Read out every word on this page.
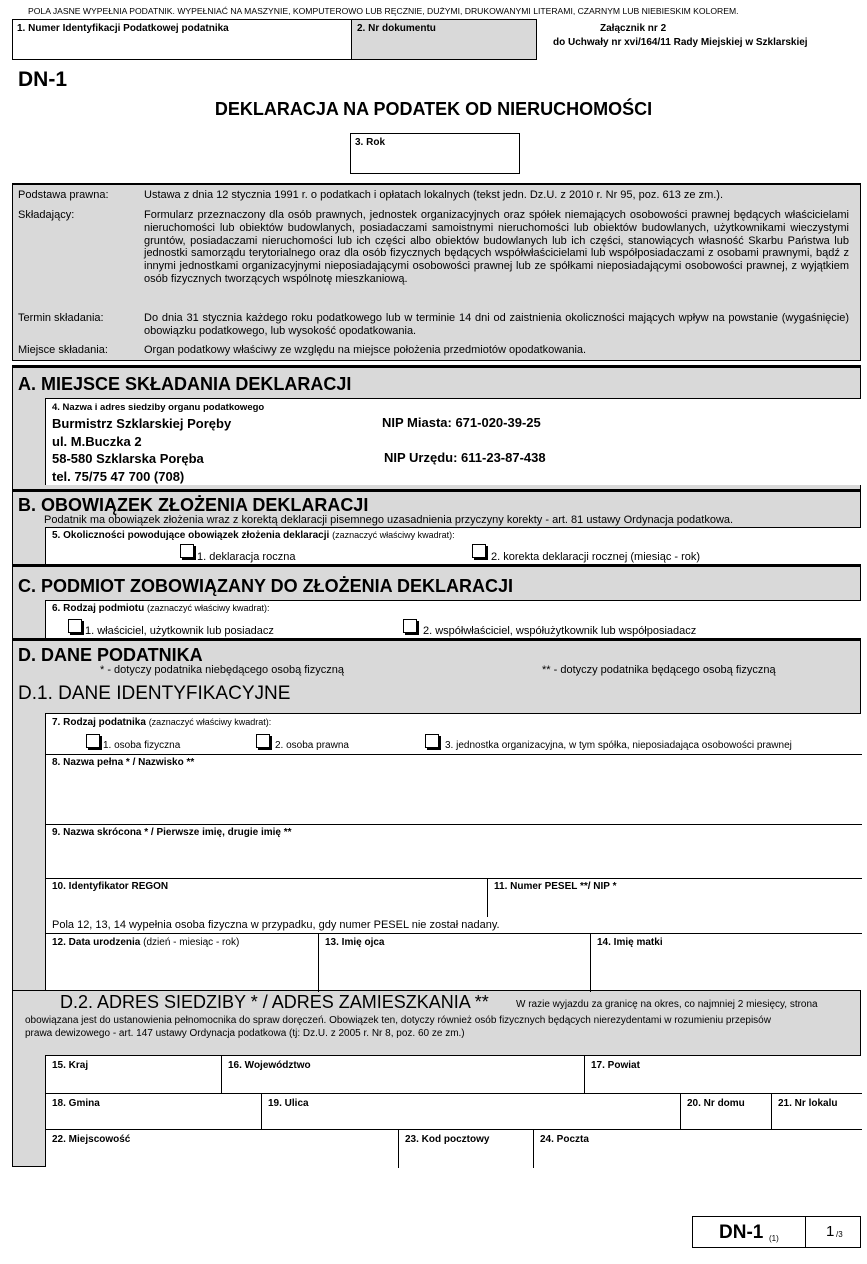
POLA JASNE WYPEŁNIA PODATNIK. WYPEŁNIAĆ NA MASZYNIE, KOMPUTEROWO LUB RĘCZNIE, DUŻYMI, DRUKOWANYMI LITERAMI, CZARNYM LUB NIEBIESKIM KOLOREM.
1. Numer Identyfikacji Podatkowej podatnika	2. Nr dokumentu	Załącznik nr 2
do Uchwały nr xvi/164/11 Rady Miejskiej w Szklarskiej
DN-1
DEKLARACJA NA PODATEK OD NIERUCHOMOŚCI
3. Rok
Podstawa prawna:	Ustawa z dnia 12 stycznia 1991 r. o podatkach i opłatach lokalnych (tekst jedn. Dz.U. z 2010 r. Nr 95, poz. 613 ze zm.).
Składający:	Formularz przeznaczony dla osób prawnych, jednostek organizacyjnych oraz spółek niemających osobowości prawnej będących właścicielami nieruchomości lub obiektów budowlanych, posiadaczami samoistnymi nieruchomości lub obiektów budowlanych, użytkownikami wieczystymi gruntów, posiadaczami nieruchomości lub ich części albo obiektów budowlanych lub ich części, stanowiących własność Skarbu Państwa lub jednostki samorządu terytorialnego oraz dla osób fizycznych będących współwłaścicielami lub współposiadaczami z osobami prawnymi, bądź z innymi jednostkami organizacyjnymi nieposiadającymi osobowości prawnej lub ze spółkami nieposiadającymi osobowości prawnej, z wyjątkiem osób fizycznych tworzących wspólnotę mieszkaniową.
Termin składania:	Do dnia 31 stycznia każdego roku podatkowego lub w terminie 14 dni od zaistnienia okoliczności mających wpływ na powstanie (wygaśnięcie) obowiązku podatkowego, lub wysokość opodatkowania.
Miejsce składania:	Organ podatkowy właściwy ze względu na miejsce położenia przedmiotów opodatkowania.
A. MIEJSCE SKŁADANIA DEKLARACJI
4. Nazwa i adres siedziby organu podatkowego
Burmistrz Szklarskiej Poręby
ul. M.Buczka 2
58-580 Szklarska Poręba
tel. 75/75 47 700 (708)
NIP Miasta: 671-020-39-25
NIP Urzędu: 611-23-87-438
B. OBOWIĄZEK ZŁOŻENIA DEKLARACJI
Podatnik ma obowiązek złożenia wraz z korektą deklaracji pisemnego uzasadnienia przyczyny korekty - art. 81 ustawy Ordynacja podatkowa.
5. Okoliczności powodujące obowiązek złożenia deklaracji (zaznaczyć właściwy kwadrat):
1. deklaracja roczna	2. korekta deklaracji rocznej (miesiąc - rok)
C. PODMIOT ZOBOWIĄZANY DO ZŁOŻENIA DEKLARACJI
6. Rodzaj podmiotu (zaznaczyć właściwy kwadrat):
1. właściciel, użytkownik lub posiadacz	2. współwłaściciel, współużytkownik lub współposiadacz
D. DANE PODATNIKA
* - dotyczy podatnika niebędącego osobą fizyczną	** - dotyczy podatnika będącego osobą fizyczną
D.1. DANE IDENTYFIKACYJNE
7. Rodzaj podatnika (zaznaczyć właściwy kwadrat):
1. osoba fizyczna	2. osoba prawna	3. jednostka organizacyjna, w tym spółka, nieposiadająca osobowości prawnej
8. Nazwa pełna * / Nazwisko **
9. Nazwa skrócona * / Pierwsze imię, drugie imię **
10. Identyfikator REGON	11. Numer PESEL **/ NIP *
Pola 12, 13, 14 wypełnia osoba fizyczna w przypadku, gdy numer PESEL nie został nadany.
12. Data urodzenia (dzień - miesiąc - rok)	13. Imię ojca	14. Imię matki
D.2. ADRES SIEDZIBY * / ADRES ZAMIESZKANIA **	W razie wyjazdu za granicę na okres, co najmniej 2 miesięcy, strona
obowiązana jest do ustanowienia pełnomocnika do spraw doręczeń. Obowiązek ten, dotyczy również osób fizycznych będących nierezydentami w rozumieniu przepisów
prawa dewizowego - art. 147 ustawy Ordynacja podatkowa (tj: Dz.U. z 2005 r. Nr 8, poz. 60 ze zm.)
15. Kraj	16. Województwo	17. Powiat
18. Gmina	19. Ulica	20. Nr domu	21. Nr lokalu
22. Miejscowość	23. Kod pocztowy	24. Poczta
DN-1 (1)	1 /3
